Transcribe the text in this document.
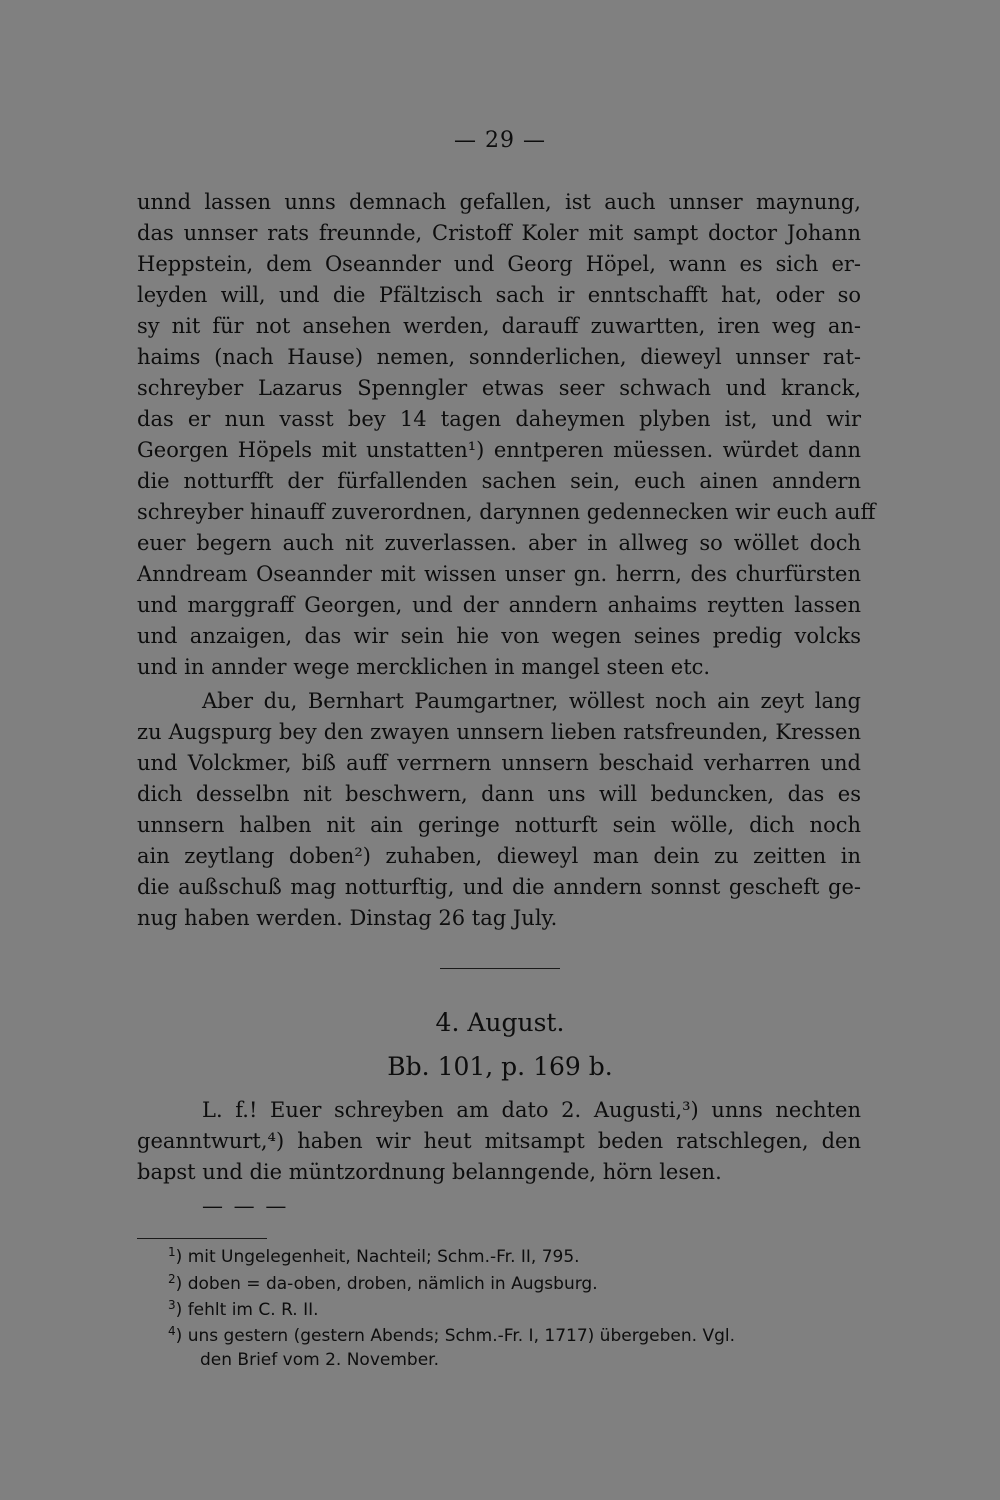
— 29 —
unnd lassen unns demnach gefallen, ist auch unnser maynung,
das unnser rats freunnde, Cristoff Koler mit sampt doctor Johann
Heppstein, dem Oseannder und Georg Höpel, wann es sich er-
leyden will, und die Pfältzisch sach ir enntschafft hat, oder so
sy nit für not ansehen werden, darauff zuwartten, iren weg an-
haims (nach Hause) nemen, sonnderlichen, dieweyl unnser rat-
schreyber Lazarus Spenngler etwas seer schwach und kranck,
das er nun vasst bey 14 tagen daheymen plyben ist, und wir
Georgen Höpels mit unstatten¹) enntperen müessen. würdet dann
die notturfft der fürfallenden sachen sein, euch ainen anndern
schreyber hinauff zuverordnen, darynnen gedennecken wir euch auff
euer begern auch nit zuverlassen. aber in allweg so wöllet doch
Anndream Oseannder mit wissen unser gn. herrn, des churfürsten
und marggraff Georgen, und der anndern anhaims reytten lassen
und anzaigen, das wir sein hie von wegen seines predig volcks
und in annder wege mercklichen in mangel steen etc.
Aber du, Bernhart Paumgartner, wöllest noch ain zeyt lang
zu Augspurg bey den zwayen unnsern lieben ratsfreunden, Kressen
und Volckmer, biß auff verrnern unnsern beschaid verharren und
dich desselbn nit beschwern, dann uns will beduncken, das es
unnsern halben nit ain geringe notturft sein wölle, dich noch
ain zeytlang doben²) zuhaben, dieweyl man dein zu zeitten in
die außschuß mag notturftig, und die anndern sonnst gescheft ge-
nug haben werden. Dinstag 26 tag July.
4. August.
Bb. 101, p. 169 b.
L. f.! Euer schreyben am dato 2. Augusti,³) unns nechten
geanntwurt,⁴) haben wir heut mitsampt beden ratschlegen, den
bapst und die müntzordnung belanngende, hörn lesen.
— — —
$^1$) mit Ungelegenheit, Nachteil; Schm.-Fr. II, 795.
$^2$) doben = da-oben, droben, nämlich in Augsburg.
$^3$) fehlt im C. R. II.
$^4$) uns gestern (gestern Abends; Schm.-Fr. I, 1717) übergeben. Vgl.
den Brief vom 2. November.
